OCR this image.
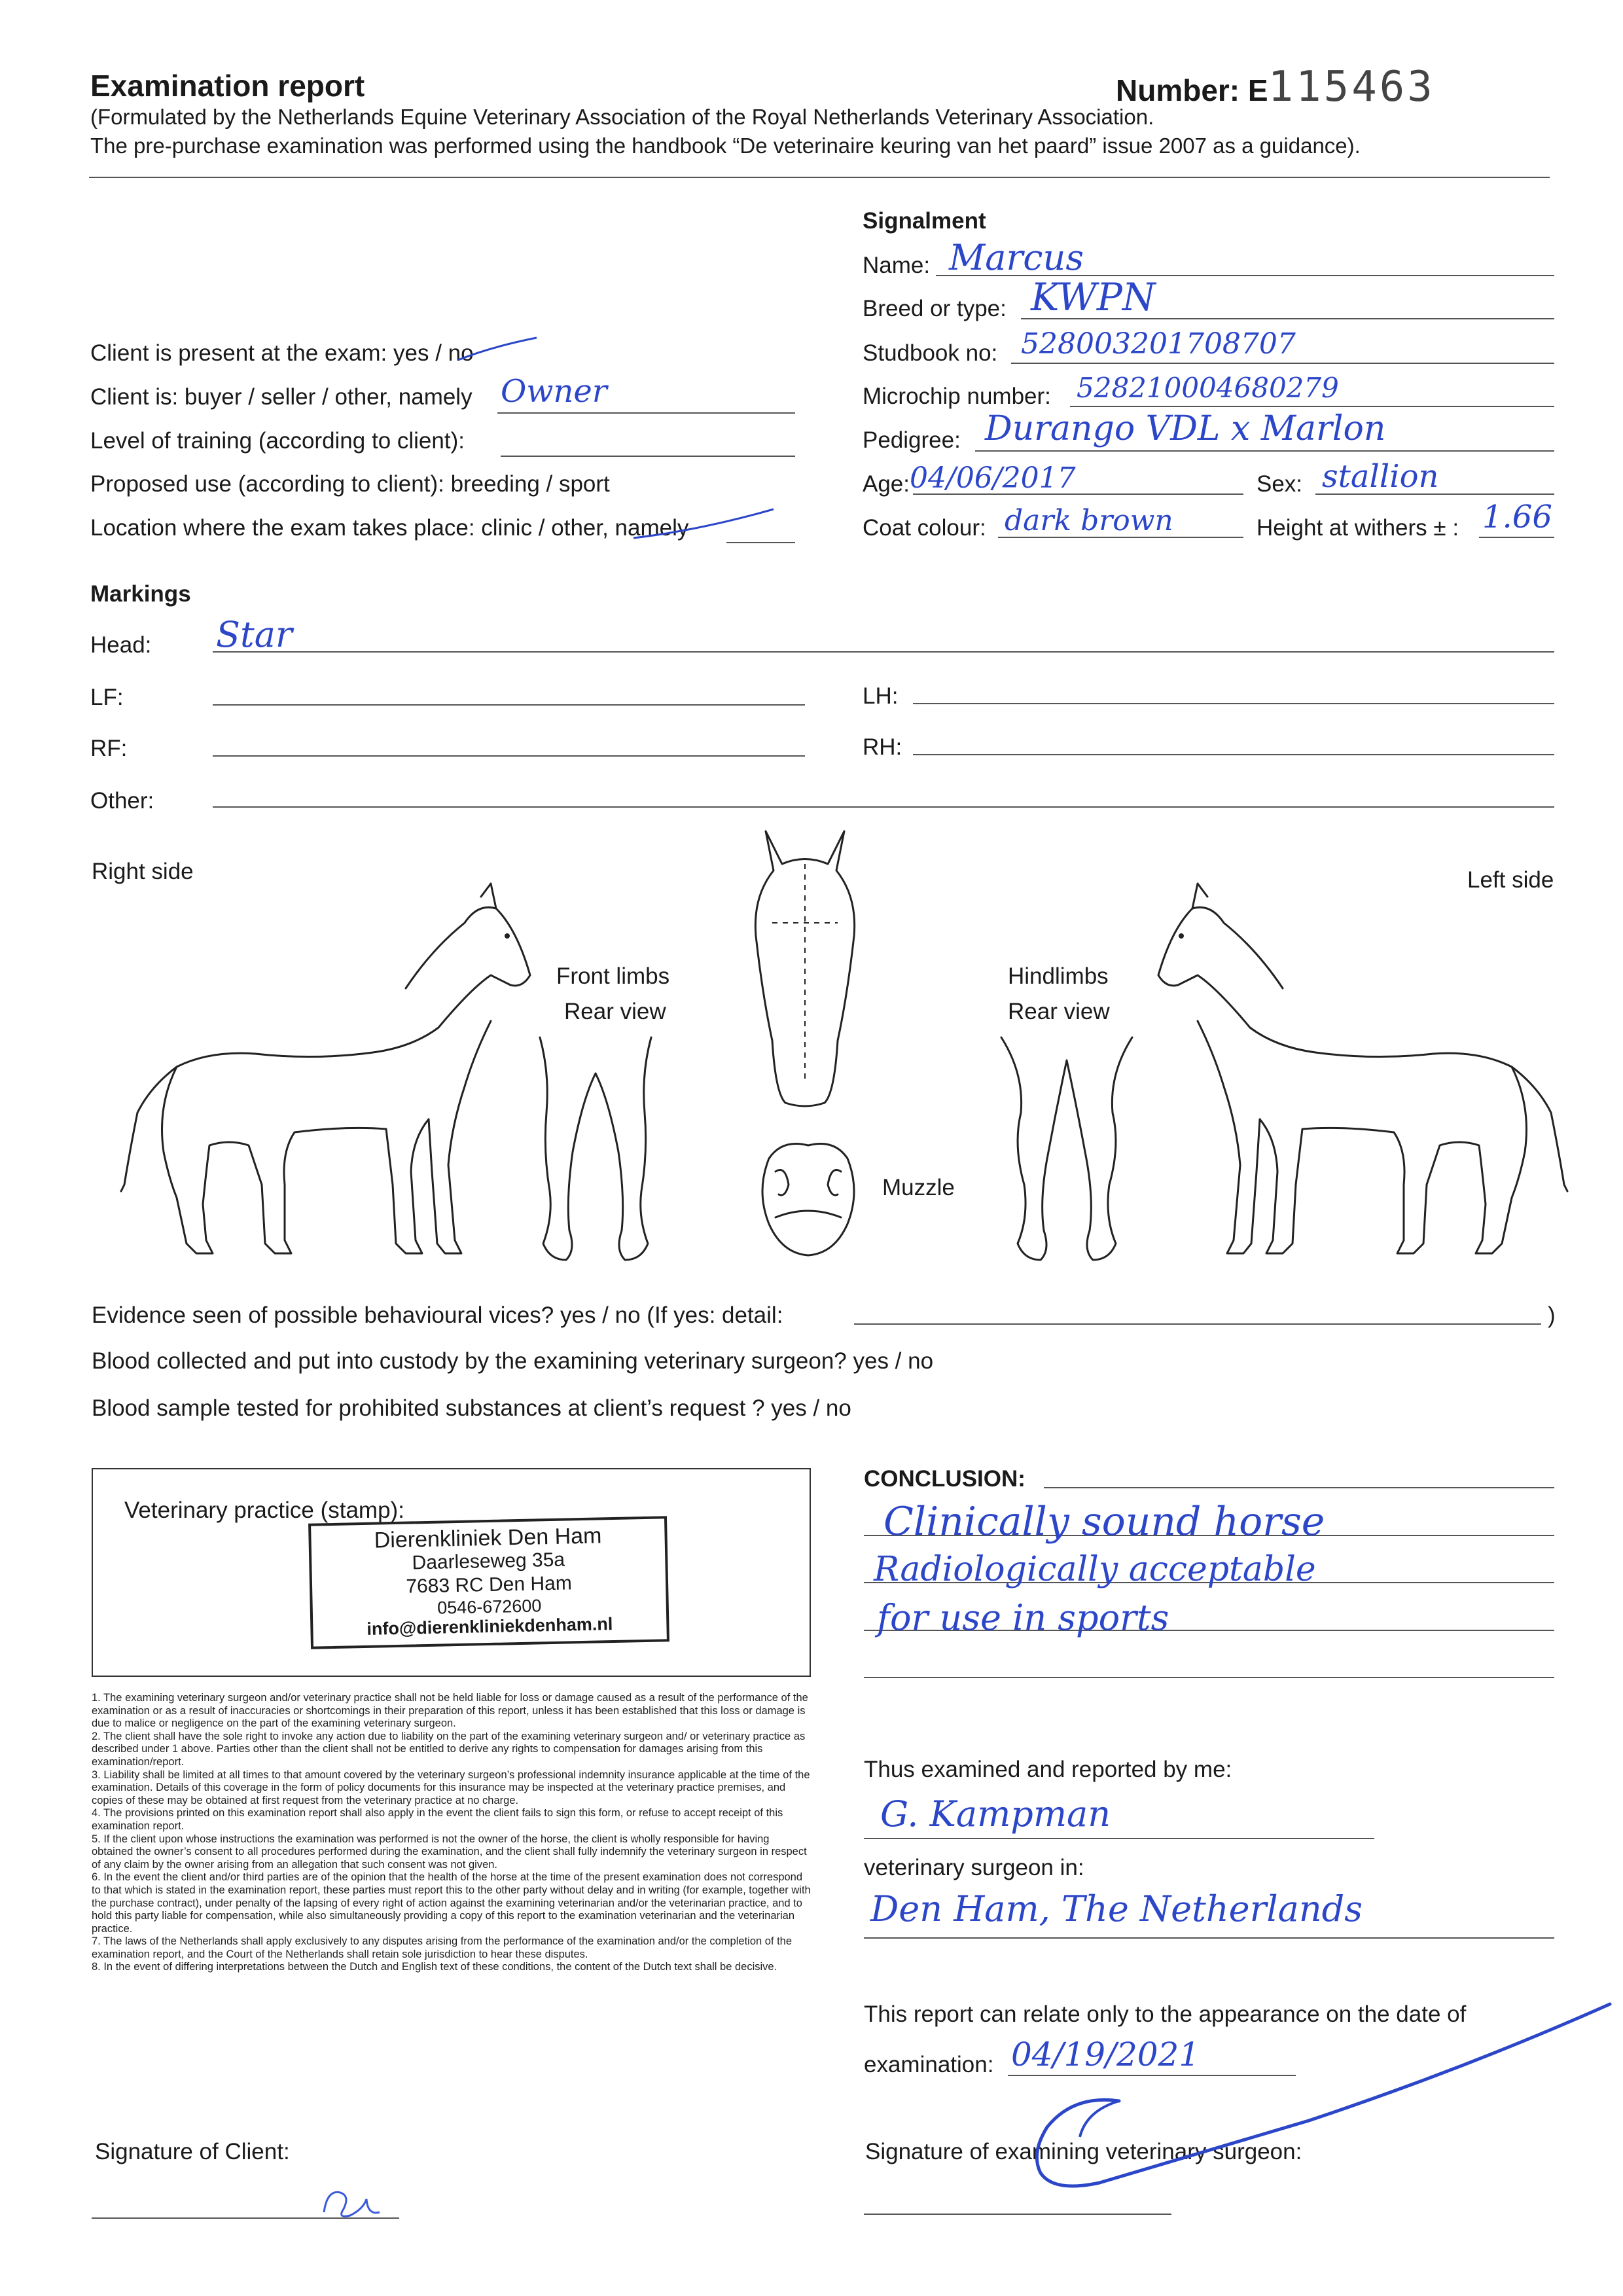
Examination report	Number: E115463
(Formulated by the Netherlands Equine Veterinary Association of the Royal Netherlands Veterinary Association.
The pre-purchase examination was performed using the handbook “De veterinaire keuring van het paard” issue 2007 as a guidance).
Client is present at the exam: yes / no
Client is: buyer / seller / other, namely Owner
Level of training (according to client):
Proposed use (according to client): breeding / sport
Location where the exam takes place: clinic / other, namely
Signalment
Name: Marcus
Breed or type: KWPN
Studbook no: 528003201708707
Microchip number: 528210004680279
Pedigree: Durango VDL x Marlon
Age: 04/06/2017	Sex: stallion
Coat colour: dark brown	Height at withers ± : 1.66
Markings
Head: Star
LF:	LH:
RF:	RH:
Other:
Right side	Left side
Front limbs
Rear view
Hindlimbs
Rear view
Muzzle
Evidence seen of possible behavioural vices? yes / no (If yes: detail:	)
Blood collected and put into custody by the examining veterinary surgeon? yes / no
Blood sample tested for prohibited substances at client’s request ? yes / no
Veterinary practice (stamp):
Dierenkliniek Den Ham
Daarleseweg 35a
7683 RC Den Ham
0546-672600
info@dierenkliniekdenham.nl

1. The examining veterinary surgeon and/or veterinary practice shall not be held liable for loss or damage caused as a result of the performance of the examination or as a result of inaccuracies or shortcomings in their preparation of this report, unless it has been established that this loss or damage is due to malice or negligence on the part of the examining veterinary surgeon.

2. The client shall have the sole right to invoke any action due to liability on the part of the examining veterinary surgeon and/ or veterinary practice as described under 1 above. Parties other than the client shall not be entitled to derive any rights to compensation for damages arising from this examination/report.

3. Liability shall be limited at all times to that amount covered by the veterinary surgeon’s professional indemnity insurance applicable at the time of the examination. Details of this coverage in the form of policy documents for this insurance may be inspected at the veterinary practice premises, and copies of these may be obtained at first request from the veterinary practice at no charge.

4. The provisions printed on this examination report shall also apply in the event the client fails to sign this form, or refuse to accept receipt of this examination report.

5. If the client upon whose instructions the examination was performed is not the owner of the horse, the client is wholly responsible for having obtained the owner’s consent to all procedures performed during the examination, and the client shall fully indemnify the veterinary surgeon in respect of any claim by the owner arising from an allegation that such consent was not given.

6. In the event the client and/or third parties are of the opinion that the health of the horse at the time of the present examination does not correspond to that which is stated in the examination report, these parties must report this to the other party without delay and in writing (for example, together with the purchase contract), under penalty of the lapsing of every right of action against the examining veterinarian and/or the veterinarian practice, and to hold this party liable for compensation, while also simultaneously providing a copy of this report to the examination veterinarian and the veterinarian practice.

7. The laws of the Netherlands shall apply exclusively to any disputes arising from the performance of the examination and/or the completion of the examination report, and the Court of the Netherlands shall retain sole jurisdiction to hear these disputes.

8. In the event of differing interpretations between the Dutch and English text of these conditions, the content of the Dutch text shall be decisive.

CONCLUSION:
Clinically sound horse
Radiologically acceptable
for use in sports
Thus examined and reported by me:
G. Kampman
veterinary surgeon in:
Den Ham, The Netherlands
This report can relate only to the appearance on the date of
examination: 04/19/2021
Signature of Client:	Signature of examining veterinary surgeon:
